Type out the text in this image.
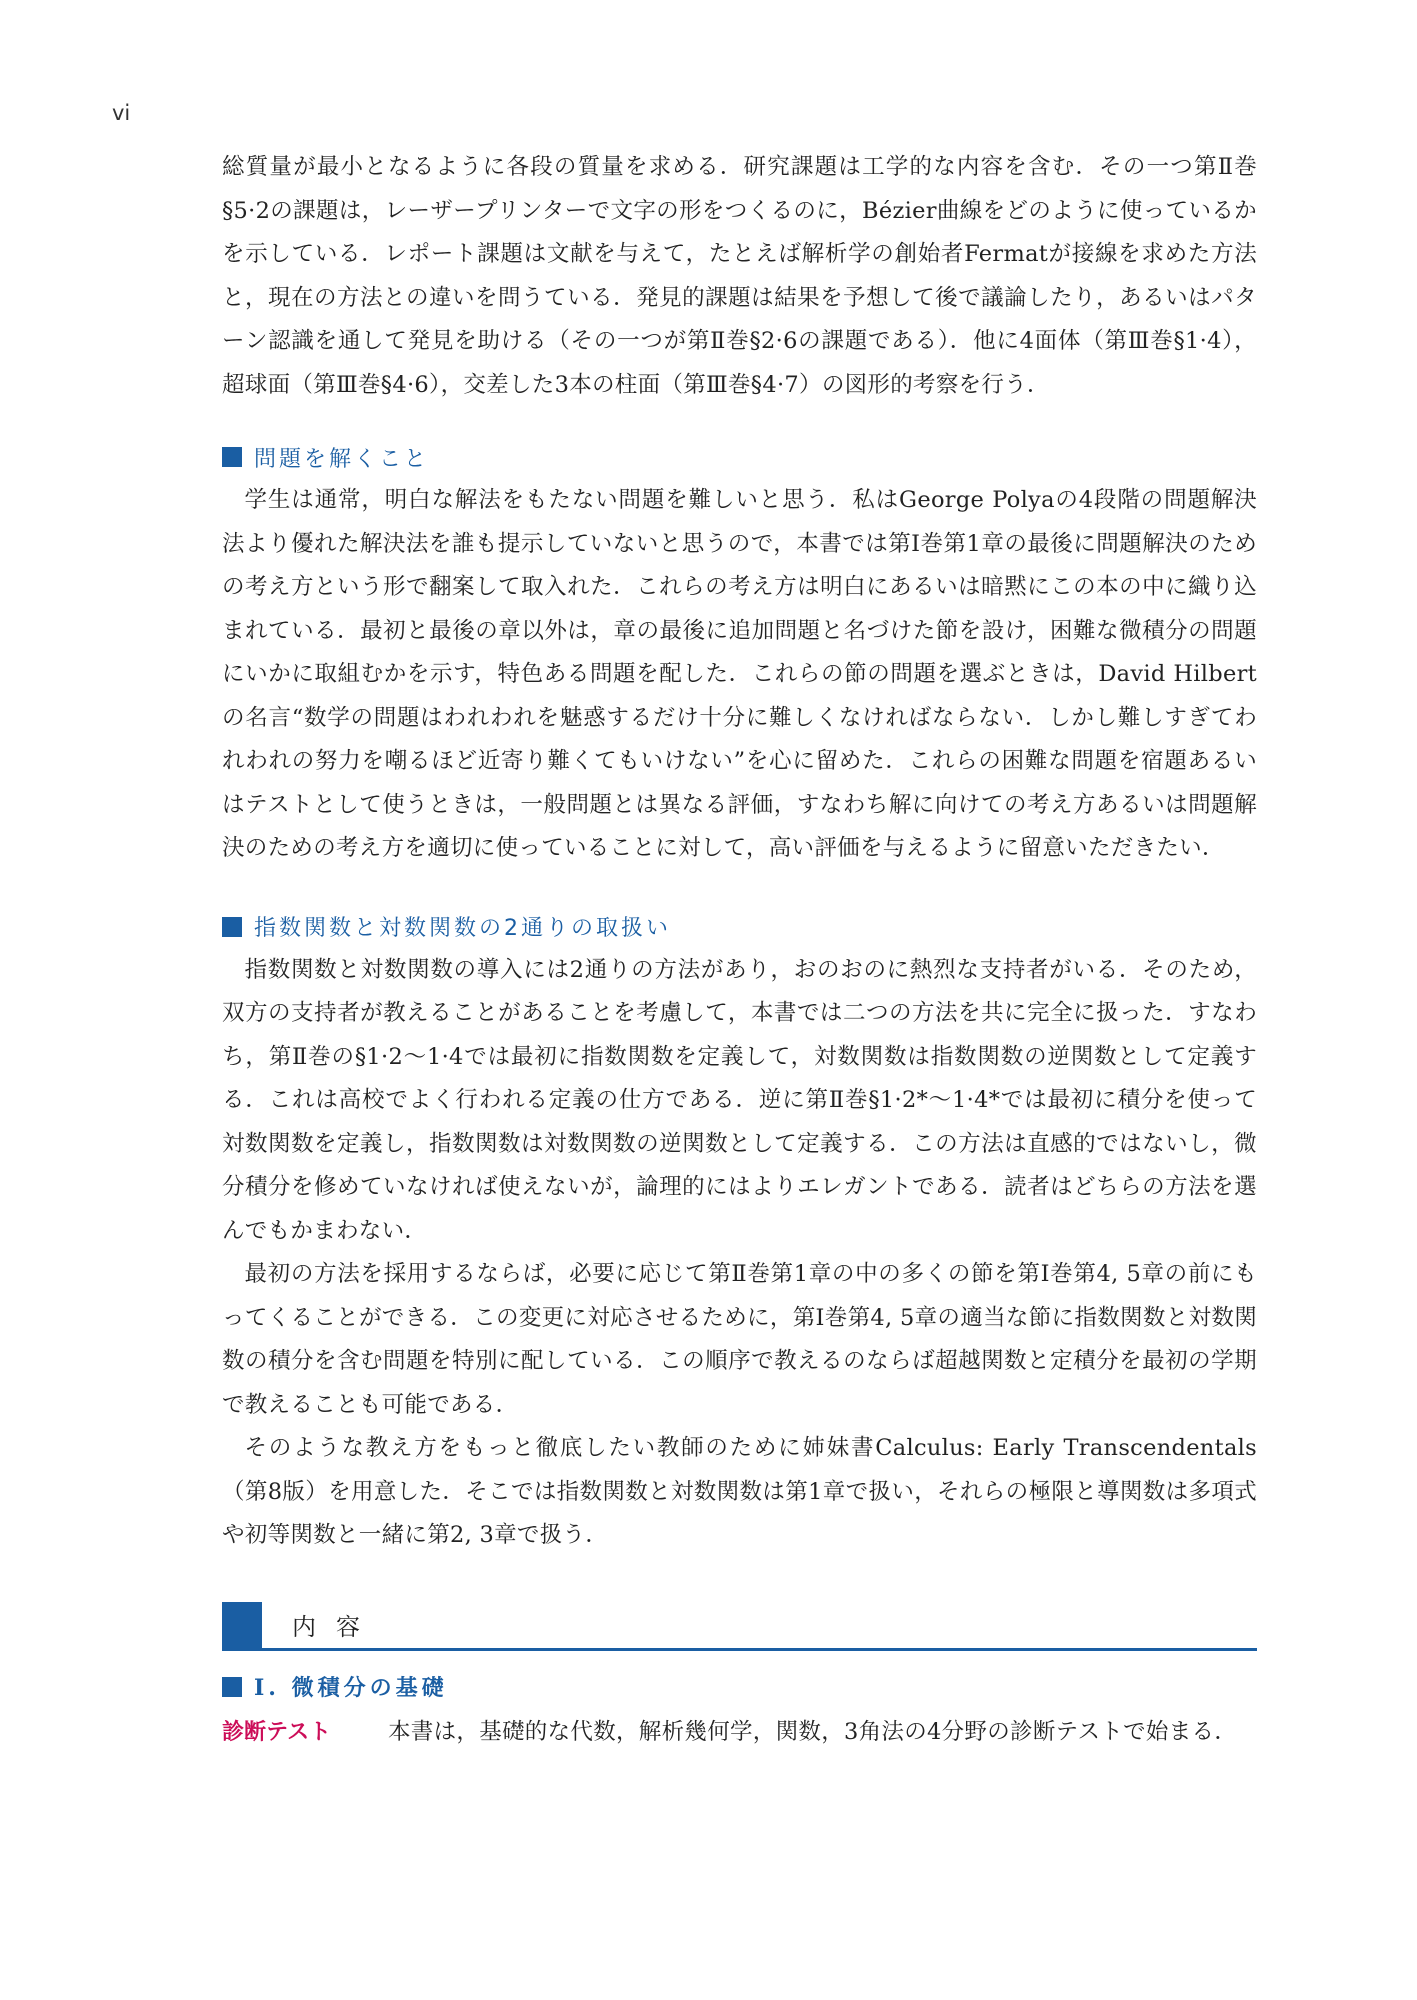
vi

総質量が最小となるように各段の質量を求める．研究課題は工学的な内容を含む．その一つ第Ⅱ巻§5·2の課題は，レーザープリンターで文字の形をつくるのに，Bézier曲線をどのように使っているかを示している．レポート課題は文献を与えて，たとえば解析学の創始者Fermatが接線を求めた方法と，現在の方法との違いを問うている．発見的課題は結果を予想して後で議論したり，あるいはパターン認識を通して発見を助ける（その一つが第Ⅱ巻§2·6の課題である）．他に4面体（第Ⅲ巻§1·4），超球面（第Ⅲ巻§4·6），交差した3本の柱面（第Ⅲ巻§4·7）の図形的考察を行う．

問題を解くこと

学生は通常，明白な解法をもたない問題を難しいと思う．私はGeorge Polyaの4段階の問題解決法より優れた解決法を誰も提示していないと思うので，本書では第Ⅰ巻第1章の最後に問題解決のための考え方という形で翻案して取入れた．これらの考え方は明白にあるいは暗黙にこの本の中に織り込まれている．最初と最後の章以外は，章の最後に追加問題と名づけた節を設け，困難な微積分の問題にいかに取組むかを示す，特色ある問題を配した．これらの節の問題を選ぶときは，David Hilbertの名言“数学の問題はわれわれを魅惑するだけ十分に難しくなければならない．しかし難しすぎてわれわれの努力を嘲るほど近寄り難くてもいけない”を心に留めた．これらの困難な問題を宿題あるいはテストとして使うときは，一般問題とは異なる評価，すなわち解に向けての考え方あるいは問題解決のための考え方を適切に使っていることに対して，高い評価を与えるように留意いただきたい．

指数関数と対数関数の2通りの取扱い

指数関数と対数関数の導入には2通りの方法があり，おのおのに熱烈な支持者がいる．そのため，双方の支持者が教えることがあることを考慮して，本書では二つの方法を共に完全に扱った．すなわち，第Ⅱ巻の§1·2〜1·4では最初に指数関数を定義して，対数関数は指数関数の逆関数として定義する．これは高校でよく行われる定義の仕方である．逆に第Ⅱ巻§1·2*〜1·4*では最初に積分を使って対数関数を定義し，指数関数は対数関数の逆関数として定義する．この方法は直感的ではないし，微分積分を修めていなければ使えないが，論理的にはよりエレガントである．読者はどちらの方法を選んでもかまわない．

最初の方法を採用するならば，必要に応じて第Ⅱ巻第1章の中の多くの節を第Ⅰ巻第4, 5章の前にもってくることができる．この変更に対応させるために，第Ⅰ巻第4, 5章の適当な節に指数関数と対数関数の積分を含む問題を特別に配している．この順序で教えるのならば超越関数と定積分を最初の学期で教えることも可能である．

そのような教え方をもっと徹底したい教師のために姉妹書Calculus: Early Transcendentals（第8版）を用意した．そこでは指数関数と対数関数は第1章で扱い，それらの極限と導関数は多項式や初等関数と一緒に第2, 3章で扱う．

内容
I. 微積分の基礎
診断テスト	本書は，基礎的な代数，解析幾何学，関数，3角法の4分野の診断テストで始まる．
